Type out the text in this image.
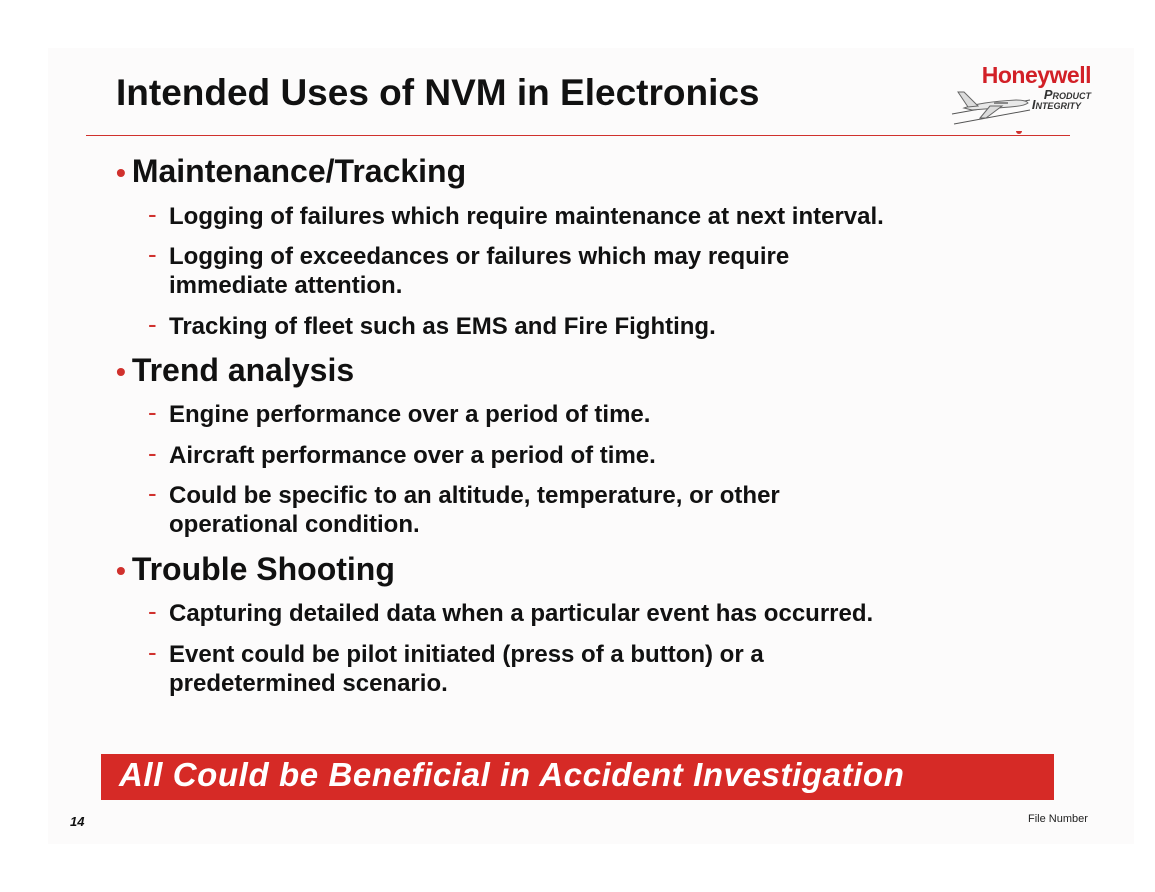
Intended Uses of NVM in Electronics	Honeywell
Product
Integrity
• Maintenance/Tracking
- Logging of failures which require maintenance at next interval.
- Logging of exceedances or failures which may require
immediate attention.
- Tracking of fleet such as EMS and Fire Fighting.
• Trend analysis
- Engine performance over a period of time.
- Aircraft performance over a period of time.
- Could be specific to an altitude, temperature, or other
operational condition.
• Trouble Shooting
- Capturing detailed data when a particular event has occurred.
- Event could be pilot initiated (press of a button) or a
predetermined scenario.
All Could be Beneficial in Accident Investigation
14	File Number
